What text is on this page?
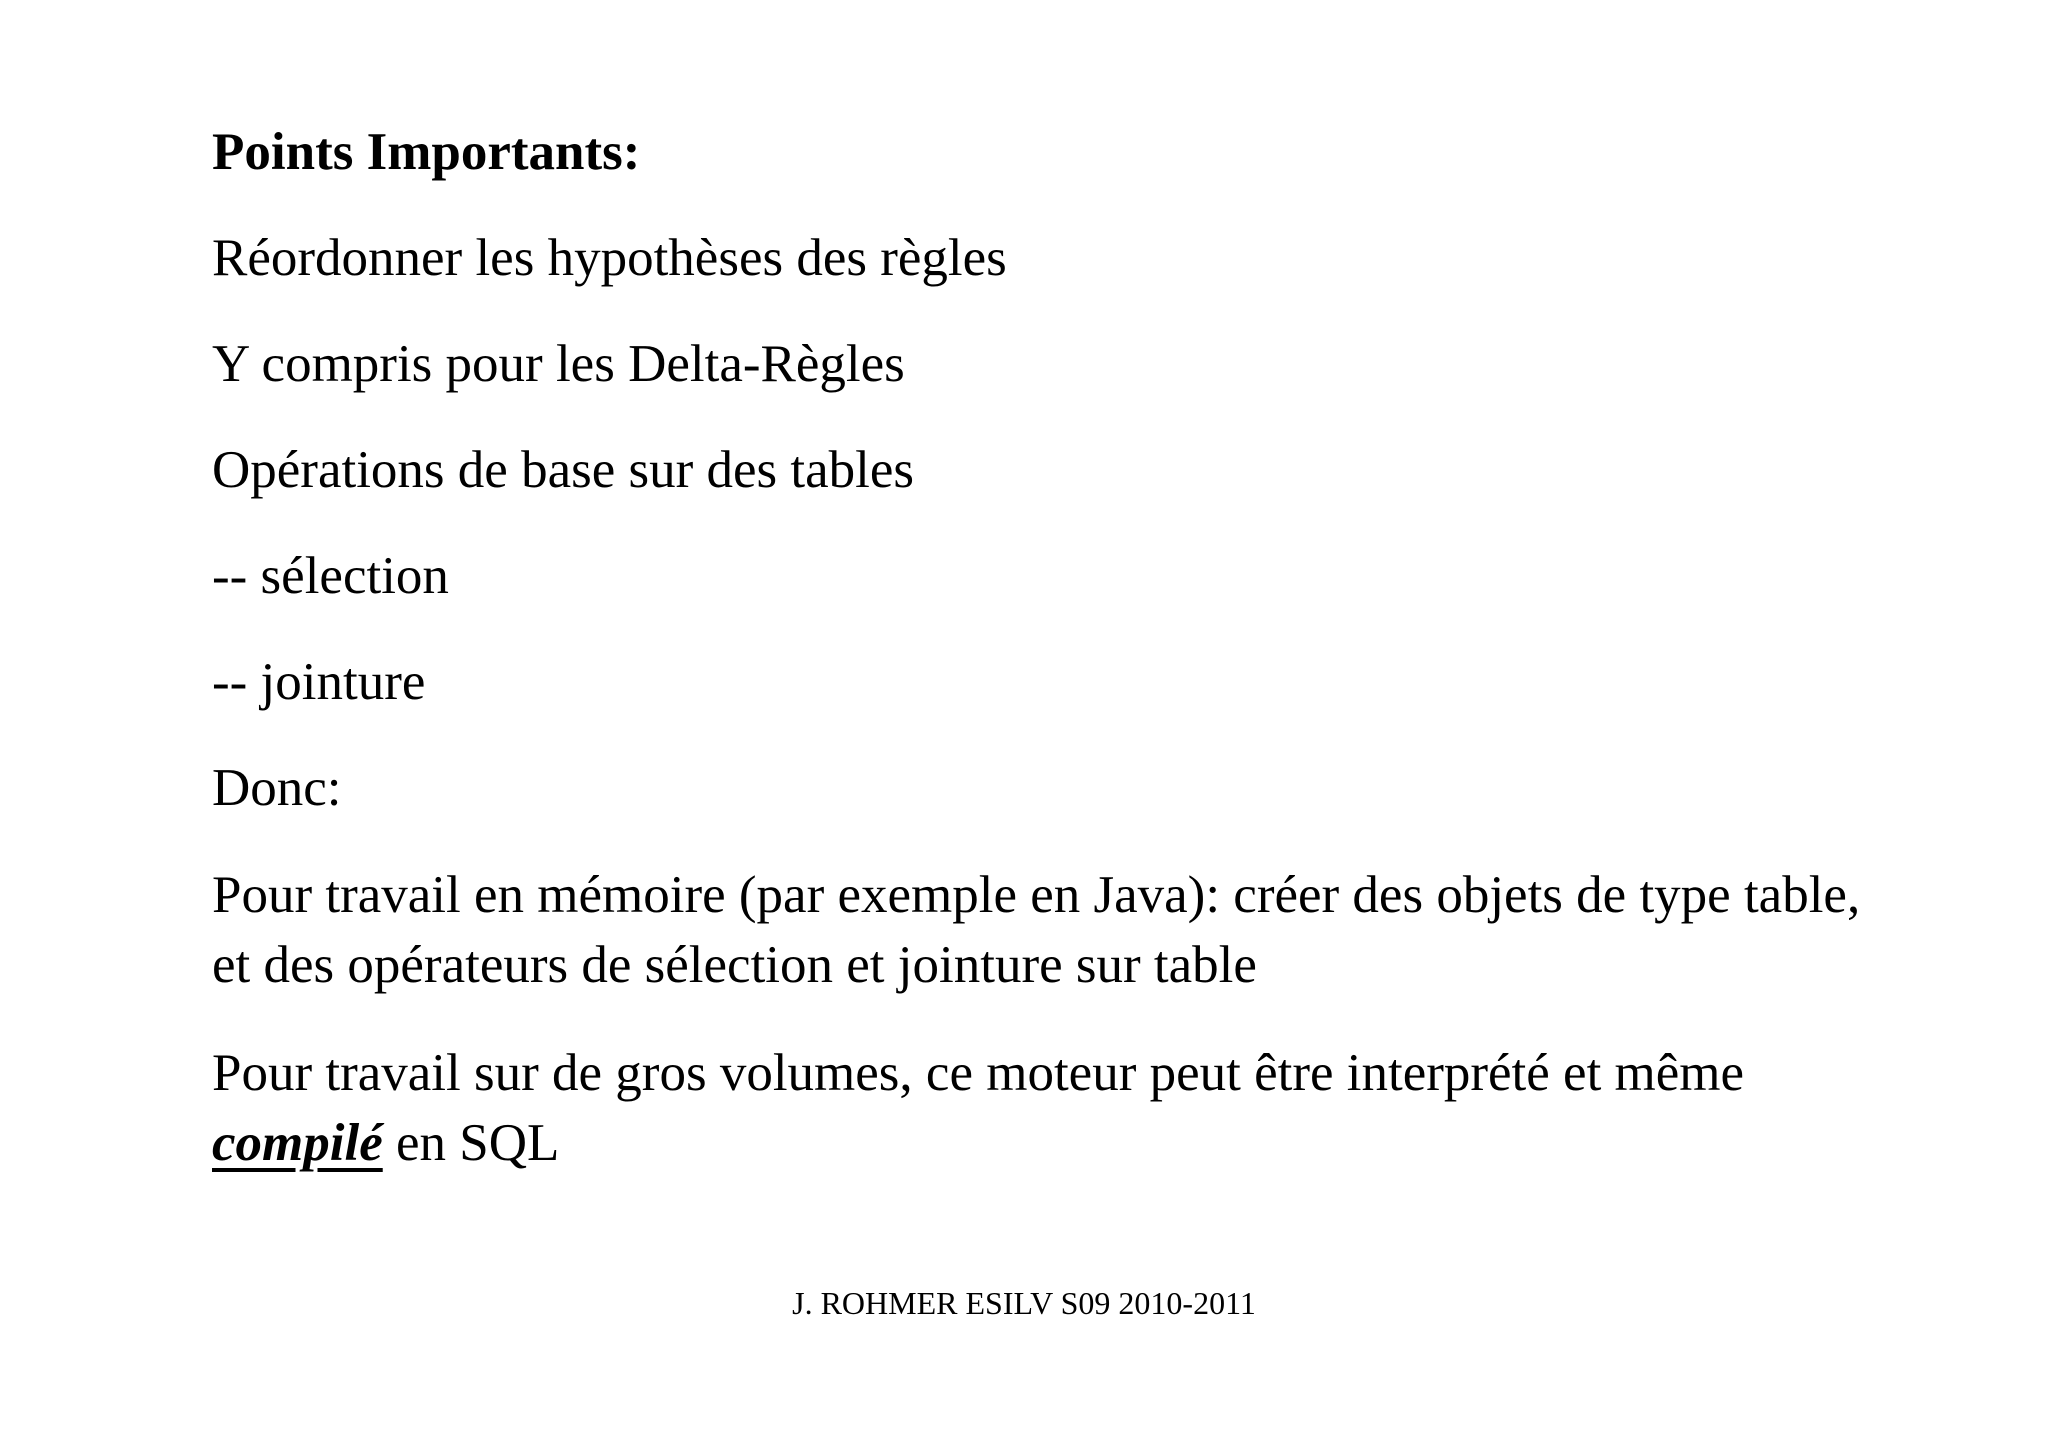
Points Importants:
Réordonner les hypothèses des règles
Y compris pour les Delta-Règles
Opérations de base sur des tables
-- sélection
-- jointure
Donc:
Pour travail en mémoire (par exemple en Java): créer des objets de type table, et des opérateurs de sélection et jointure sur table
Pour travail sur de gros volumes, ce moteur peut être interprété et même compilé en SQL
J. ROHMER ESILV S09 2010-2011
